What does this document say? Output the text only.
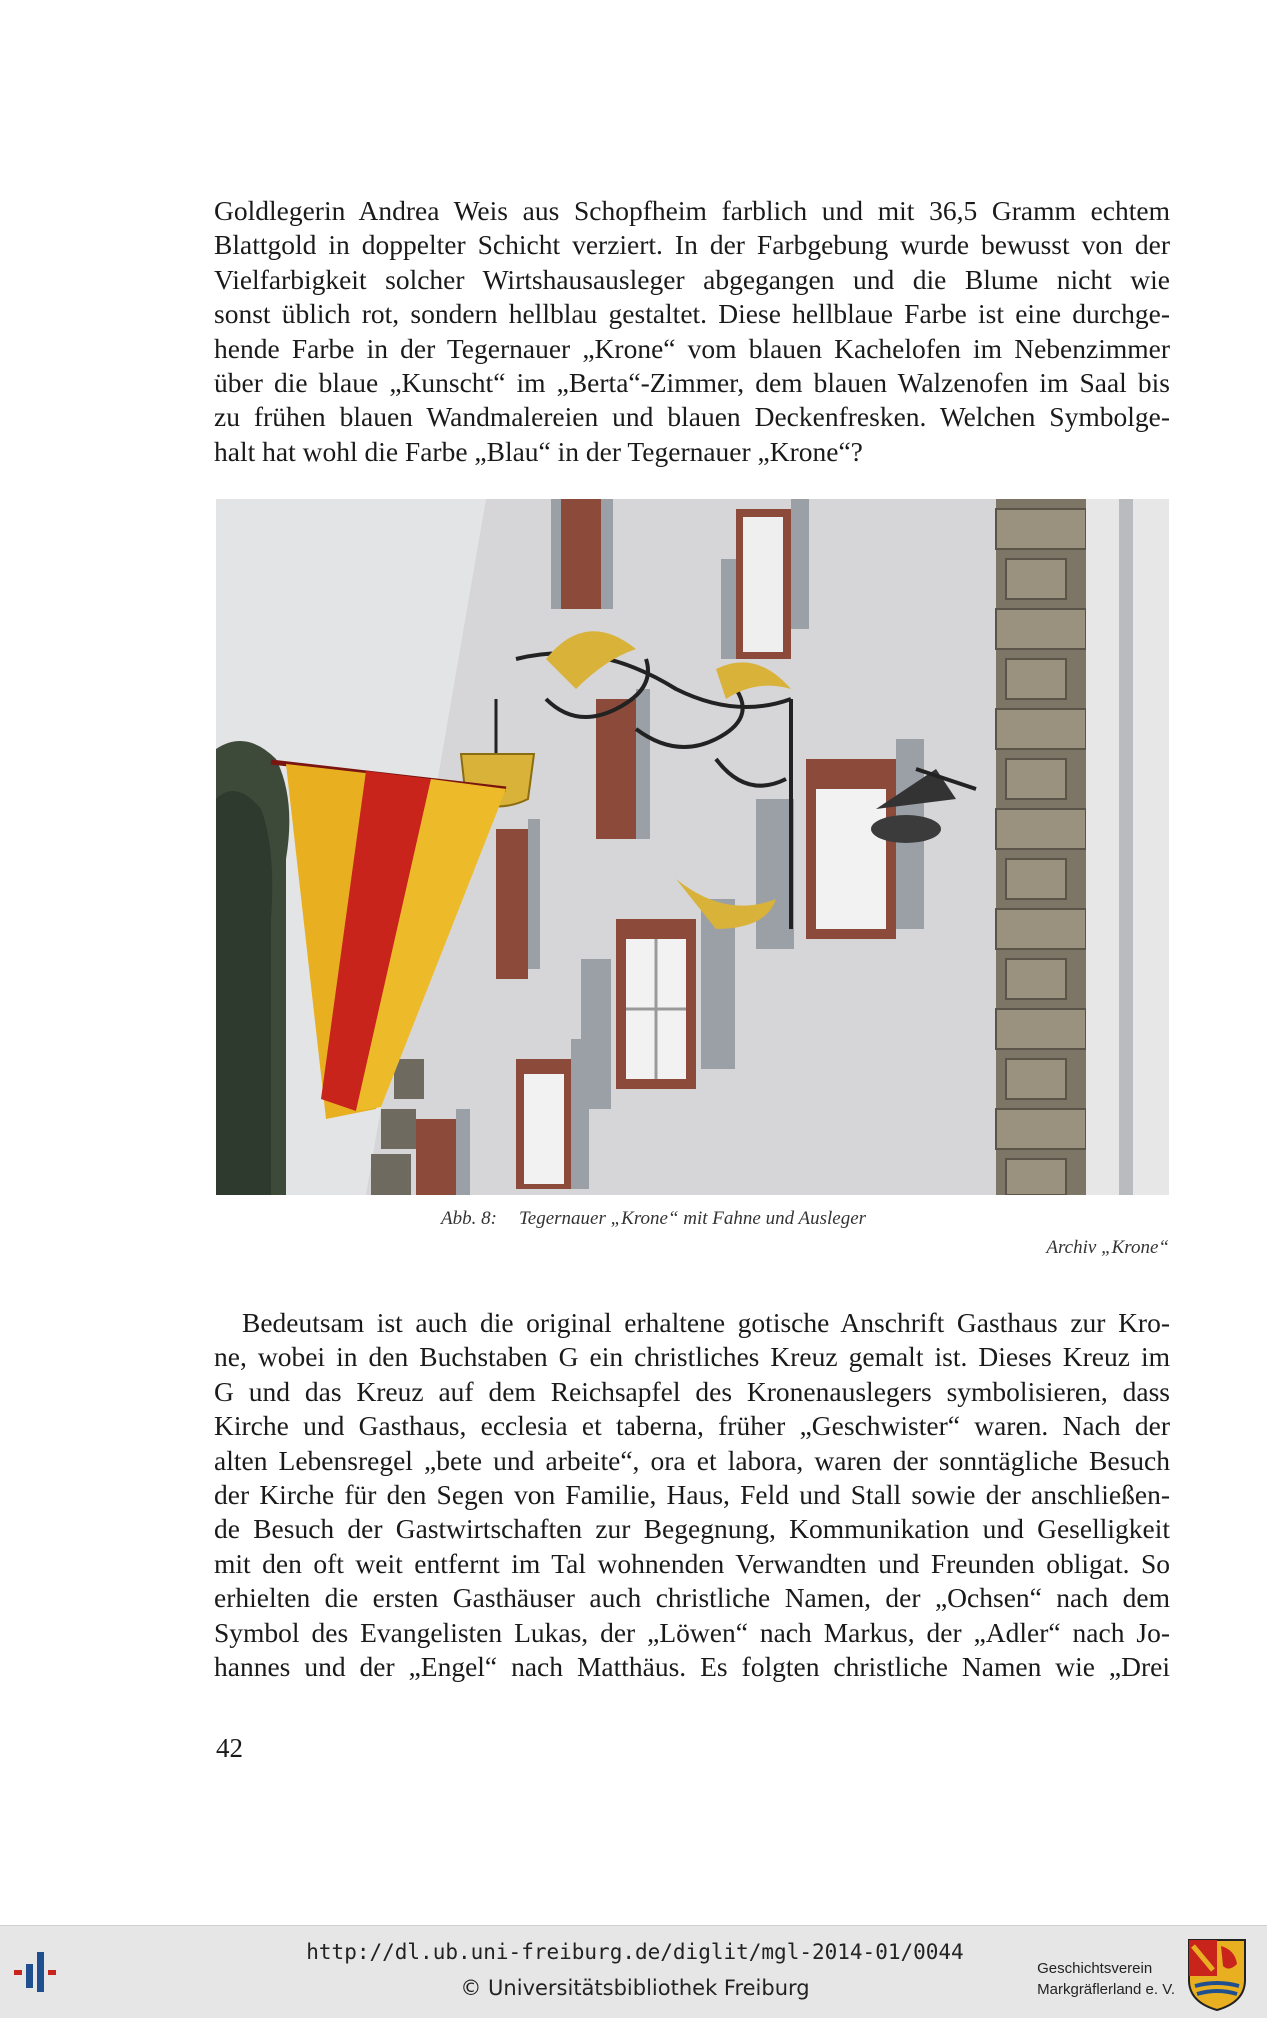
Goldlegerin Andrea Weis aus Schopfheim farblich und mit 36,5 Gramm echtem
Blattgold in doppelter Schicht verziert. In der Farbgebung wurde bewusst von der
Vielfarbigkeit solcher Wirtshausausleger abgegangen und die Blume nicht wie
sonst üblich rot, sondern hellblau gestaltet. Diese hellblaue Farbe ist eine durchge-
hende Farbe in der Tegernauer „Krone“ vom blauen Kachelofen im Nebenzimmer
über die blaue „Kunscht“ im „Berta“-Zimmer, dem blauen Walzenofen im Saal bis
zu frühen blauen Wandmalereien und blauen Deckenfresken. Welchen Symbolge-
halt hat wohl die Farbe „Blau“ in der Tegernauer „Krone“?
Abb. 8: Tegernauer „Krone“ mit Fahne und Ausleger
Archiv „Krone“
Bedeutsam ist auch die original erhaltene gotische Anschrift Gasthaus zur Kro-
ne, wobei in den Buchstaben G ein christliches Kreuz gemalt ist. Dieses Kreuz im
G und das Kreuz auf dem Reichsapfel des Kronenauslegers symbolisieren, dass
Kirche und Gasthaus, ecclesia et taberna, früher „Geschwister“ waren. Nach der
alten Lebensregel „bete und arbeite“, ora et labora, waren der sonntägliche Besuch
der Kirche für den Segen von Familie, Haus, Feld und Stall sowie der anschließen-
de Besuch der Gastwirtschaften zur Begegnung, Kommunikation und Geselligkeit
mit den oft weit entfernt im Tal wohnenden Verwandten und Freunden obligat. So
erhielten die ersten Gasthäuser auch christliche Namen, der „Ochsen“ nach dem
Symbol des Evangelisten Lukas, der „Löwen“ nach Markus, der „Adler“ nach Jo-
hannes und der „Engel“ nach Matthäus. Es folgten christliche Namen wie „Drei
42
http://dl.ub.uni-freiburg.de/diglit/mgl-2014-01/0044
© Universitätsbibliothek Freiburg
Geschichtsverein
Markgräflerland e. V.
